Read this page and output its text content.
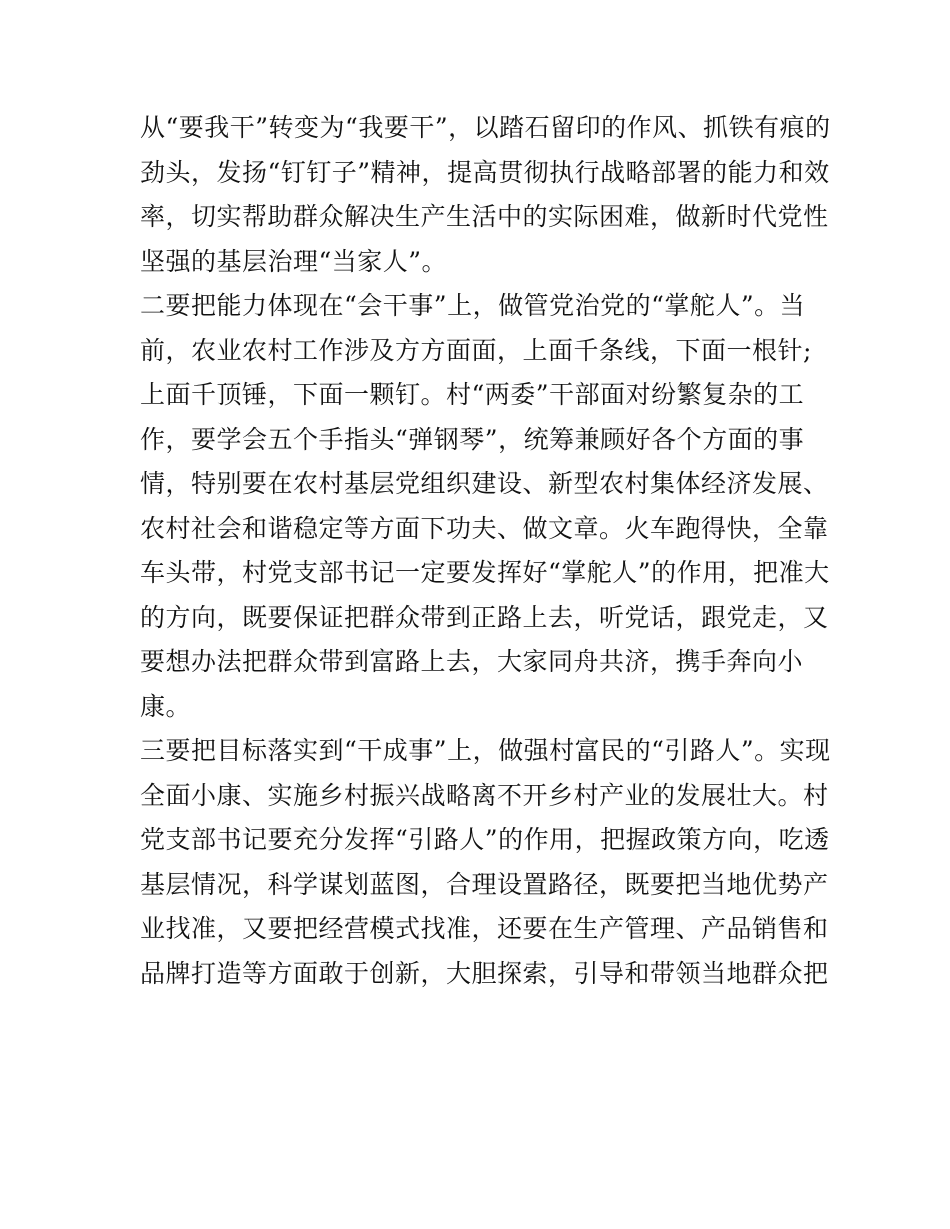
从“要我干”转变为“我要干”，以踏石留印的作风、抓铁有痕的
劲头，发扬“钉钉子”精神，提高贯彻执行战略部署的能力和效
率，切实帮助群众解决生产生活中的实际困难，做新时代党性
坚强的基层治理“当家人”。
二要把能力体现在“会干事”上，做管党治党的“掌舵人”。当
前，农业农村工作涉及方方面面，上面千条线，下面一根针;
上面千顶锤，下面一颗钉。村“两委”干部面对纷繁复杂的工
作，要学会五个手指头“弹钢琴”，统筹兼顾好各个方面的事
情，特别要在农村基层党组织建设、新型农村集体经济发展、
农村社会和谐稳定等方面下功夫、做文章。火车跑得快，全靠
车头带，村党支部书记一定要发挥好“掌舵人”的作用，把准大
的方向，既要保证把群众带到正路上去，听党话，跟党走，又
要想办法把群众带到富路上去，大家同舟共济，携手奔向小
康。
三要把目标落实到“干成事”上，做强村富民的“引路人”。实现
全面小康、实施乡村振兴战略离不开乡村产业的发展壮大。村
党支部书记要充分发挥“引路人”的作用，把握政策方向，吃透
基层情况，科学谋划蓝图，合理设置路径，既要把当地优势产
业找准，又要把经营模式找准，还要在生产管理、产品销售和
品牌打造等方面敢于创新，大胆探索，引导和带领当地群众把
